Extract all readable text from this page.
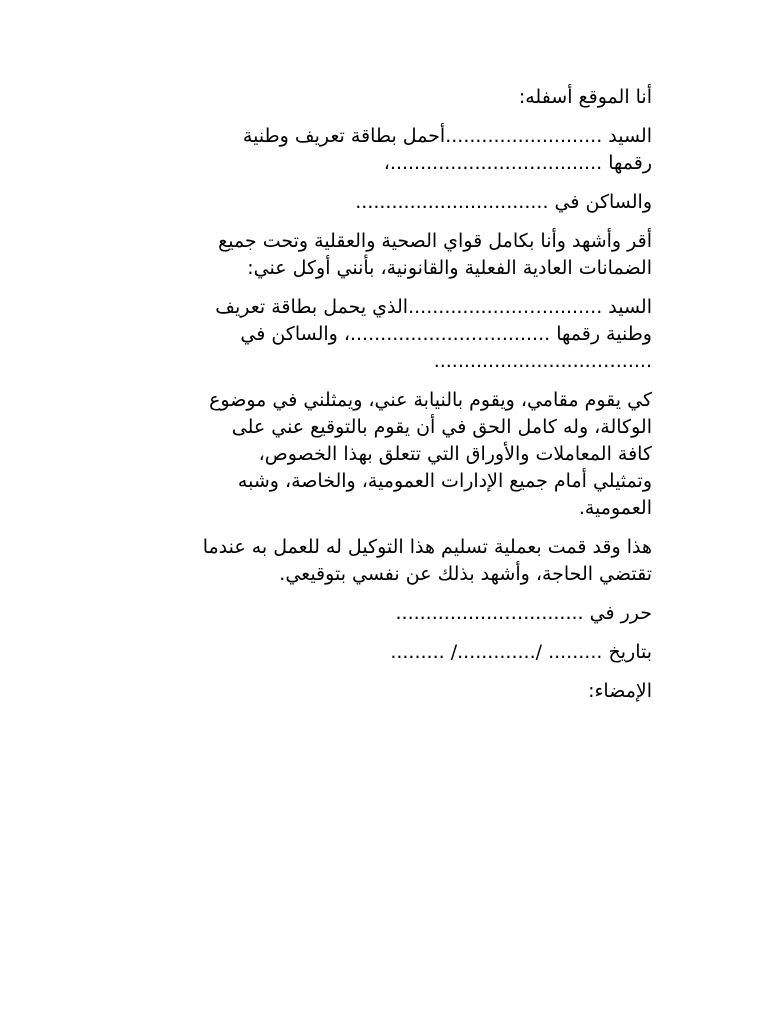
أنا الموقع أسفله:

السيد ..........................أحمل بطاقة تعريف وطنية
رقمها ..........…......................،

والساكن في ................................

أقر وأشهد وأنا بكامل قواي الصحية والعقلية وتحت جميع
الضمانات العادية الفعلية والقانونية، بأنني أوكل عني:

السيد ..........…...................الذي يحمل بطاقة تعريف
وطنية رقمها ..........…....................، والساكن في
......…...........................

كي يقوم مقامي، ويقوم بالنيابة عني، ويمثلني في موضوع
الوكالة، وله كامل الحق في أن يقوم بالتوقيع عني على
كافة المعاملات والأوراق التي تتعلق بهذا الخصوص،
وتمثيلي أمام جميع الإدارات العمومية، والخاصة، وشبه
العمومية.

هذا وقد قمت بعملية تسليم هذا التوكيل له للعمل به عندما
تقتضي الحاجة، وأشهد بذلك عن نفسي بتوقيعي.

حرر في ..........…..................

بتاريخ ......... /............./ .........

الإمضاء:
